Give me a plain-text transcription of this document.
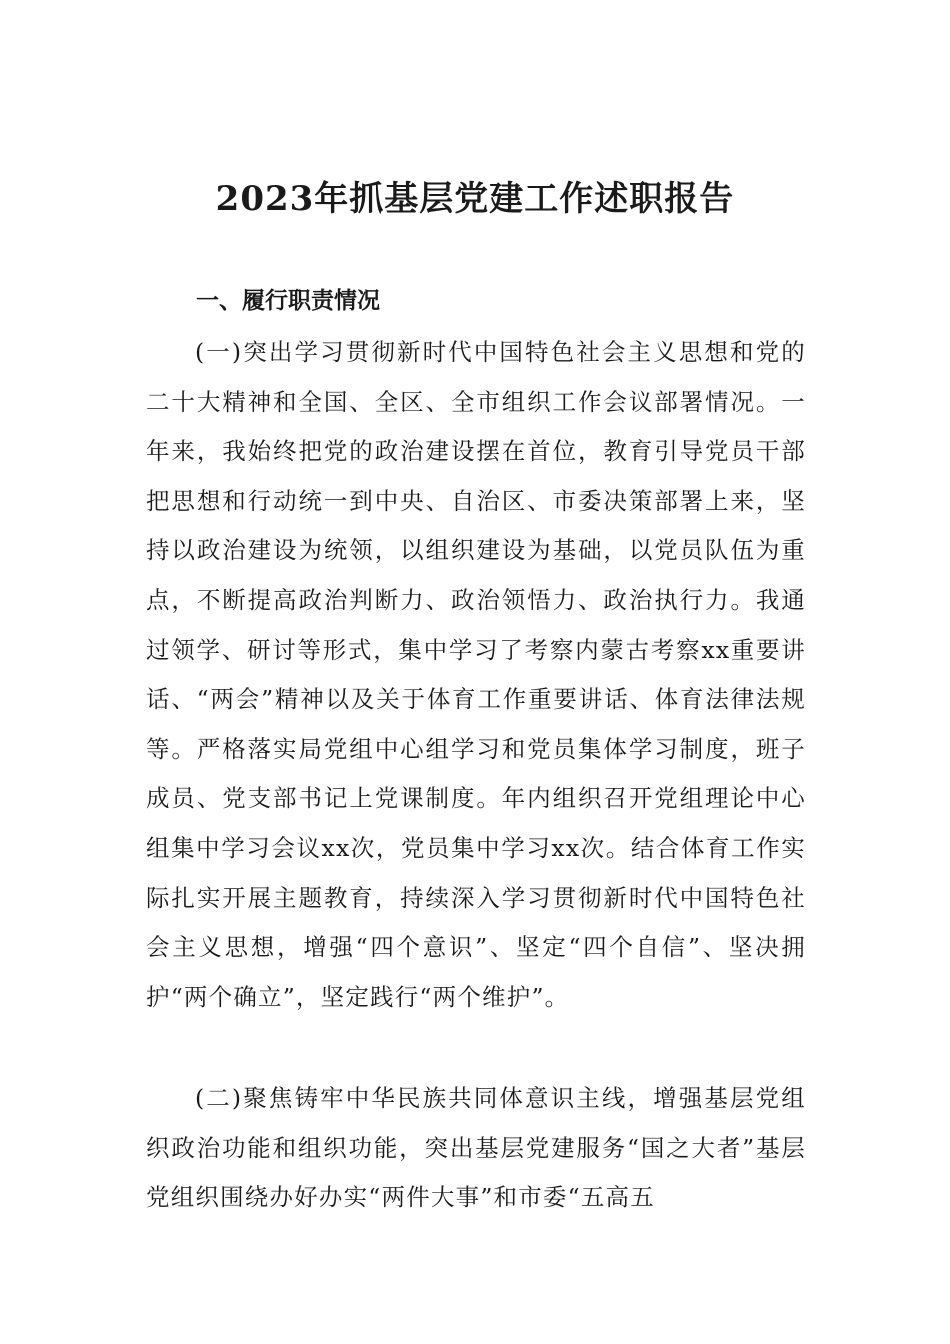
2023年抓基层党建工作述职报告
一、履行职责情况

(一)突出学习贯彻新时代中国特色社会主义思想和党的二十大精神和全国、全区、全市组织工作会议部署情况。一年来，我始终把党的政治建设摆在首位，教育引导党员干部把思想和行动统一到中央、自治区、市委决策部署上来，坚持以政治建设为统领，以组织建设为基础，以党员队伍为重点，不断提高政治判断力、政治领悟力、政治执行力。我通过领学、研讨等形式，集中学习了考察内蒙古考察xx重要讲话、“两会”精神以及关于体育工作重要讲话、体育法律法规等。严格落实局党组中心组学习和党员集体学习制度，班子成员、党支部书记上党课制度。年内组织召开党组理论中心组集中学习会议xx次，党员集中学习xx次。结合体育工作实际扎实开展主题教育，持续深入学习贯彻新时代中国特色社会主义思想，增强“四个意识”、坚定“四个自信”、坚决拥护“两个确立”，坚定践行“两个维护”。

(二)聚焦铸牢中华民族共同体意识主线，增强基层党组织政治功能和组织功能，突出基层党建服务“国之大者”基层党组织围绕办好办实“两件大事”和市委“五高五
